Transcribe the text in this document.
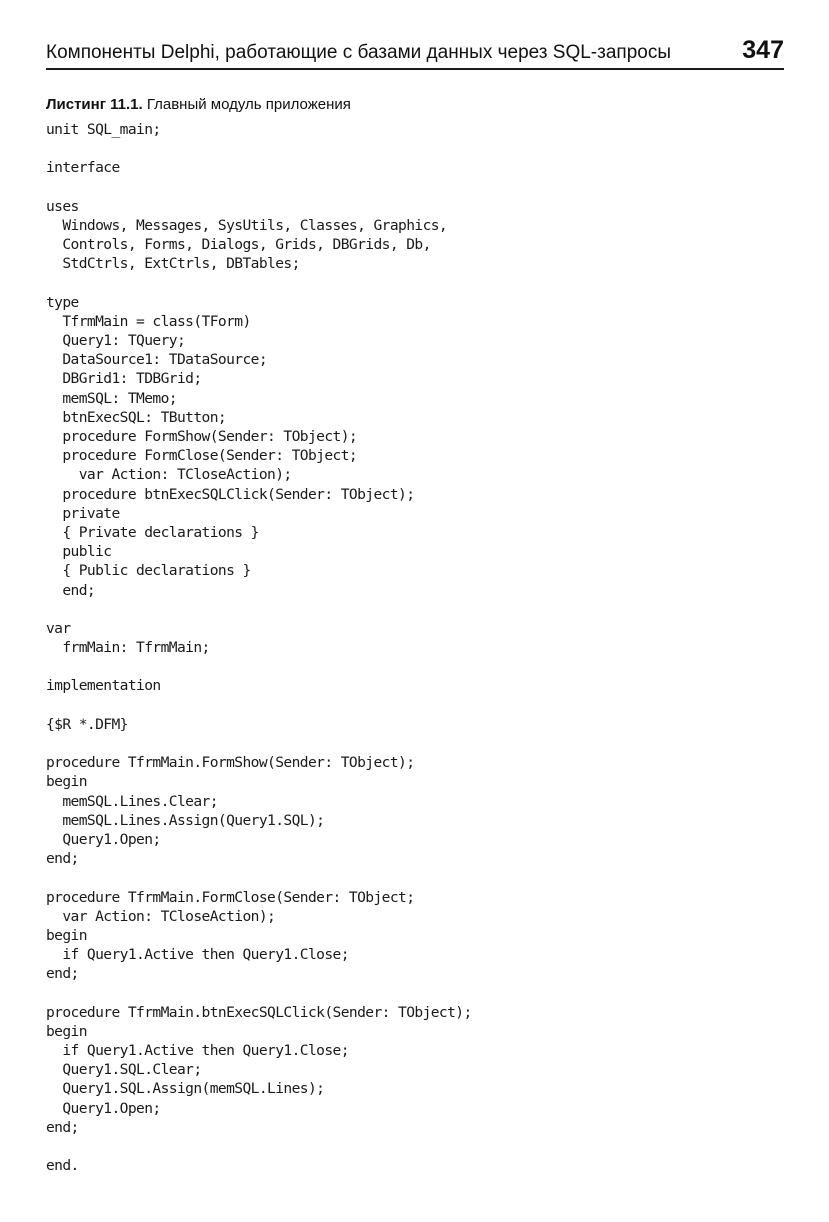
Компоненты Delphi, работающие с базами данных через SQL-запросы	347
Листинг 11.1. Главный модуль приложения
unit SQL_main;
interface
uses
Windows, Messages, SysUtils, Classes, Graphics,
Controls, Forms, Dialogs, Grids, DBGrids, Db,
StdCtrls, ExtCtrls, DBTables;
type
TfrmMain = class(TForm)
Query1: TQuery;
DataSource1: TDataSource;
DBGrid1: TDBGrid;
memSQL: TMemo;
btnExecSQL: TButton;
procedure FormShow(Sender: TObject);
procedure FormClose(Sender: TObject;
var Action: TCloseAction);
procedure btnExecSQLClick(Sender: TObject);
private
{ Private declarations }
public
{ Public declarations }
end;
var
frmMain: TfrmMain;
implementation
{$R *.DFM}
procedure TfrmMain.FormShow(Sender: TObject);
begin
memSQL.Lines.Clear;
memSQL.Lines.Assign(Query1.SQL);
Query1.Open;
end;
procedure TfrmMain.FormClose(Sender: TObject;
var Action: TCloseAction);
begin
if Query1.Active then Query1.Close;
end;
procedure TfrmMain.btnExecSQLClick(Sender: TObject);
begin
if Query1.Active then Query1.Close;
Query1.SQL.Clear;
Query1.SQL.Assign(memSQL.Lines);
Query1.Open;
end;
end.
